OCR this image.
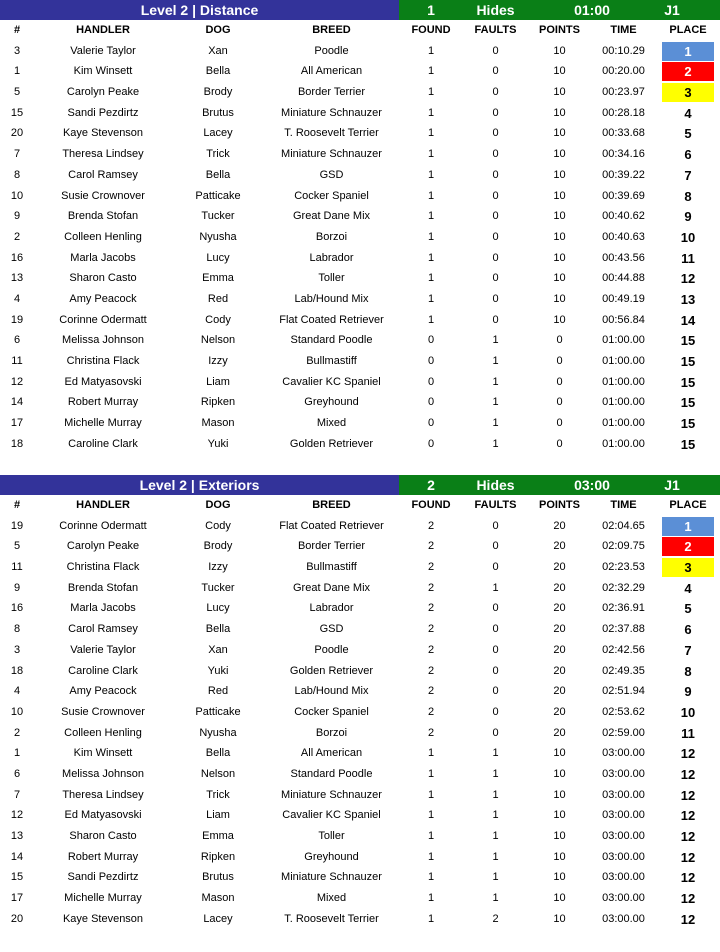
Level 2 | Distance	1	Hides	01:00	J1
#	HANDLER	DOG	BREED	FOUND	FAULTS	POINTS	TIME	PLACE
3	Valerie Taylor	Xan	Poodle	1	0	10	00:10.29	1
1	Kim Winsett	Bella	All American	1	0	10	00:20.00	2
5	Carolyn Peake	Brody	Border Terrier	1	0	10	00:23.97	3
15	Sandi Pezdirtz	Brutus	Miniature Schnauzer	1	0	10	00:28.18	4
20	Kaye Stevenson	Lacey	T. Roosevelt Terrier	1	0	10	00:33.68	5
7	Theresa Lindsey	Trick	Miniature Schnauzer	1	0	10	00:34.16	6
8	Carol Ramsey	Bella	GSD	1	0	10	00:39.22	7
10	Susie Crownover	Patticake	Cocker Spaniel	1	0	10	00:39.69	8
9	Brenda Stofan	Tucker	Great Dane Mix	1	0	10	00:40.62	9
2	Colleen Henling	Nyusha	Borzoi	1	0	10	00:40.63	10
16	Marla Jacobs	Lucy	Labrador	1	0	10	00:43.56	11
13	Sharon Casto	Emma	Toller	1	0	10	00:44.88	12
4	Amy Peacock	Red	Lab/Hound Mix	1	0	10	00:49.19	13
19	Corinne Odermatt	Cody	Flat Coated Retriever	1	0	10	00:56.84	14
6	Melissa Johnson	Nelson	Standard Poodle	0	1	0	01:00.00	15
11	Christina Flack	Izzy	Bullmastiff	0	1	0	01:00.00	15
12	Ed Matyasovski	Liam	Cavalier KC Spaniel	0	1	0	01:00.00	15
14	Robert Murray	Ripken	Greyhound	0	1	0	01:00.00	15
17	Michelle Murray	Mason	Mixed	0	1	0	01:00.00	15
18	Caroline Clark	Yuki	Golden Retriever	0	1	0	01:00.00	15
Level 2 | Exteriors	2	Hides	03:00	J1
#	HANDLER	DOG	BREED	FOUND	FAULTS	POINTS	TIME	PLACE
19	Corinne Odermatt	Cody	Flat Coated Retriever	2	0	20	02:04.65	1
5	Carolyn Peake	Brody	Border Terrier	2	0	20	02:09.75	2
11	Christina Flack	Izzy	Bullmastiff	2	0	20	02:23.53	3
9	Brenda Stofan	Tucker	Great Dane Mix	2	1	20	02:32.29	4
16	Marla Jacobs	Lucy	Labrador	2	0	20	02:36.91	5
8	Carol Ramsey	Bella	GSD	2	0	20	02:37.88	6
3	Valerie Taylor	Xan	Poodle	2	0	20	02:42.56	7
18	Caroline Clark	Yuki	Golden Retriever	2	0	20	02:49.35	8
4	Amy Peacock	Red	Lab/Hound Mix	2	0	20	02:51.94	9
10	Susie Crownover	Patticake	Cocker Spaniel	2	0	20	02:53.62	10
2	Colleen Henling	Nyusha	Borzoi	2	0	20	02:59.00	11
1	Kim Winsett	Bella	All American	1	1	10	03:00.00	12
6	Melissa Johnson	Nelson	Standard Poodle	1	1	10	03:00.00	12
7	Theresa Lindsey	Trick	Miniature Schnauzer	1	1	10	03:00.00	12
12	Ed Matyasovski	Liam	Cavalier KC Spaniel	1	1	10	03:00.00	12
13	Sharon Casto	Emma	Toller	1	1	10	03:00.00	12
14	Robert Murray	Ripken	Greyhound	1	1	10	03:00.00	12
15	Sandi Pezdirtz	Brutus	Miniature Schnauzer	1	1	10	03:00.00	12
17	Michelle Murray	Mason	Mixed	1	1	10	03:00.00	12
20	Kaye Stevenson	Lacey	T. Roosevelt Terrier	1	2	10	03:00.00	12
